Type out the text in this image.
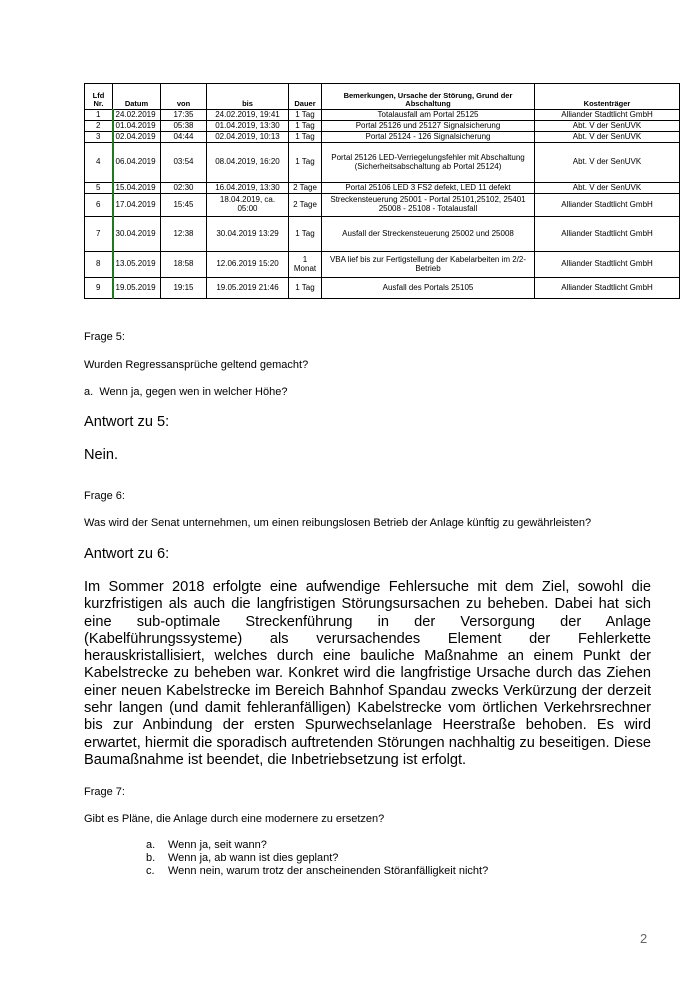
Lfd Nr.	Datum	von	bis	Dauer	Bemerkungen, Ursache der Störung, Grund der Abschaltung	Kostenträger
1	24.02.2019	17:35	24.02.2019, 19:41	1 Tag	Totalausfall am Portal 25125	Alliander Stadtlicht GmbH
2	01.04.2019	05:38	01.04.2019, 13:30	1 Tag	Portal 25126 und 25127 Signalsicherung	Abt. V der SenUVK
3	02.04.2019	04:44	02.04.2019, 10:13	1 Tag	Portal 25124 - 126 Signalsicherung	Abt. V der SenUVK
4	06.04.2019	03:54	08.04.2019, 16:20	1 Tag	Portal 25126 LED-Verriegelungsfehler mit Abschaltung (Sicherheitsabschaltung ab Portal 25124)	Abt. V der SenUVK
5	15.04.2019	02:30	16.04.2019, 13:30	2 Tage	Portal 25106 LED 3 FS2 defekt, LED 11 defekt	Abt. V der SenUVK
6	17.04.2019	15:45	18.04.2019, ca. 05:00	2 Tage	Streckensteuerung 25001 - Portal 25101,25102, 25401 25008 - 25108 - Totalausfall	Alliander Stadtlicht GmbH
7	30.04.2019	12:38	30.04.2019 13:29	1 Tag	Ausfall der Streckensteuerung 25002 und 25008	Alliander Stadtlicht GmbH
8	13.05.2019	18:58	12.06.2019 15:20	1 Monat	VBA lief bis zur Fertigstellung der Kabelarbeiten im 2/2-Betrieb	Alliander Stadtlicht GmbH
9	19.05.2019	19:15	19.05.2019 21:46	1 Tag	Ausfall des Portals 25105	Alliander Stadtlicht GmbH

Frage 5:

Wurden Regressansprüche geltend gemacht?

a. Wenn ja, gegen wen in welcher Höhe?

Antwort zu 5:

Nein.

Frage 6:

Was wird der Senat unternehmen, um einen reibungslosen Betrieb der Anlage künftig zu gewährleisten?

Antwort zu 6:

Im Sommer 2018 erfolgte eine aufwendige Fehlersuche mit dem Ziel, sowohl die kurzfristigen als auch die langfristigen Störungsursachen zu beheben. Dabei hat sich eine sub-optimale Streckenführung in der Versorgung der Anlage (Kabelführungssysteme) als verursachendes Element der Fehlerkette herauskristallisiert, welches durch eine bauliche Maßnahme an einem Punkt der Kabelstrecke zu beheben war. Konkret wird die langfristige Ursache durch das Ziehen einer neuen Kabelstrecke im Bereich Bahnhof Spandau zwecks Verkürzung der derzeit sehr langen (und damit fehleranfälligen) Kabelstrecke vom örtlichen Verkehrsrechner bis zur Anbindung der ersten Spurwechselanlage Heerstraße behoben. Es wird erwartet, hiermit die sporadisch auftretenden Störungen nachhaltig zu beseitigen. Diese Baumaßnahme ist beendet, die Inbetriebsetzung ist erfolgt.

Frage 7:

Gibt es Pläne, die Anlage durch eine modernere zu ersetzen?

a.	Wenn ja, seit wann?
b.	Wenn ja, ab wann ist dies geplant?
c.	Wenn nein, warum trotz der anscheinenden Störanfälligkeit nicht?
2
